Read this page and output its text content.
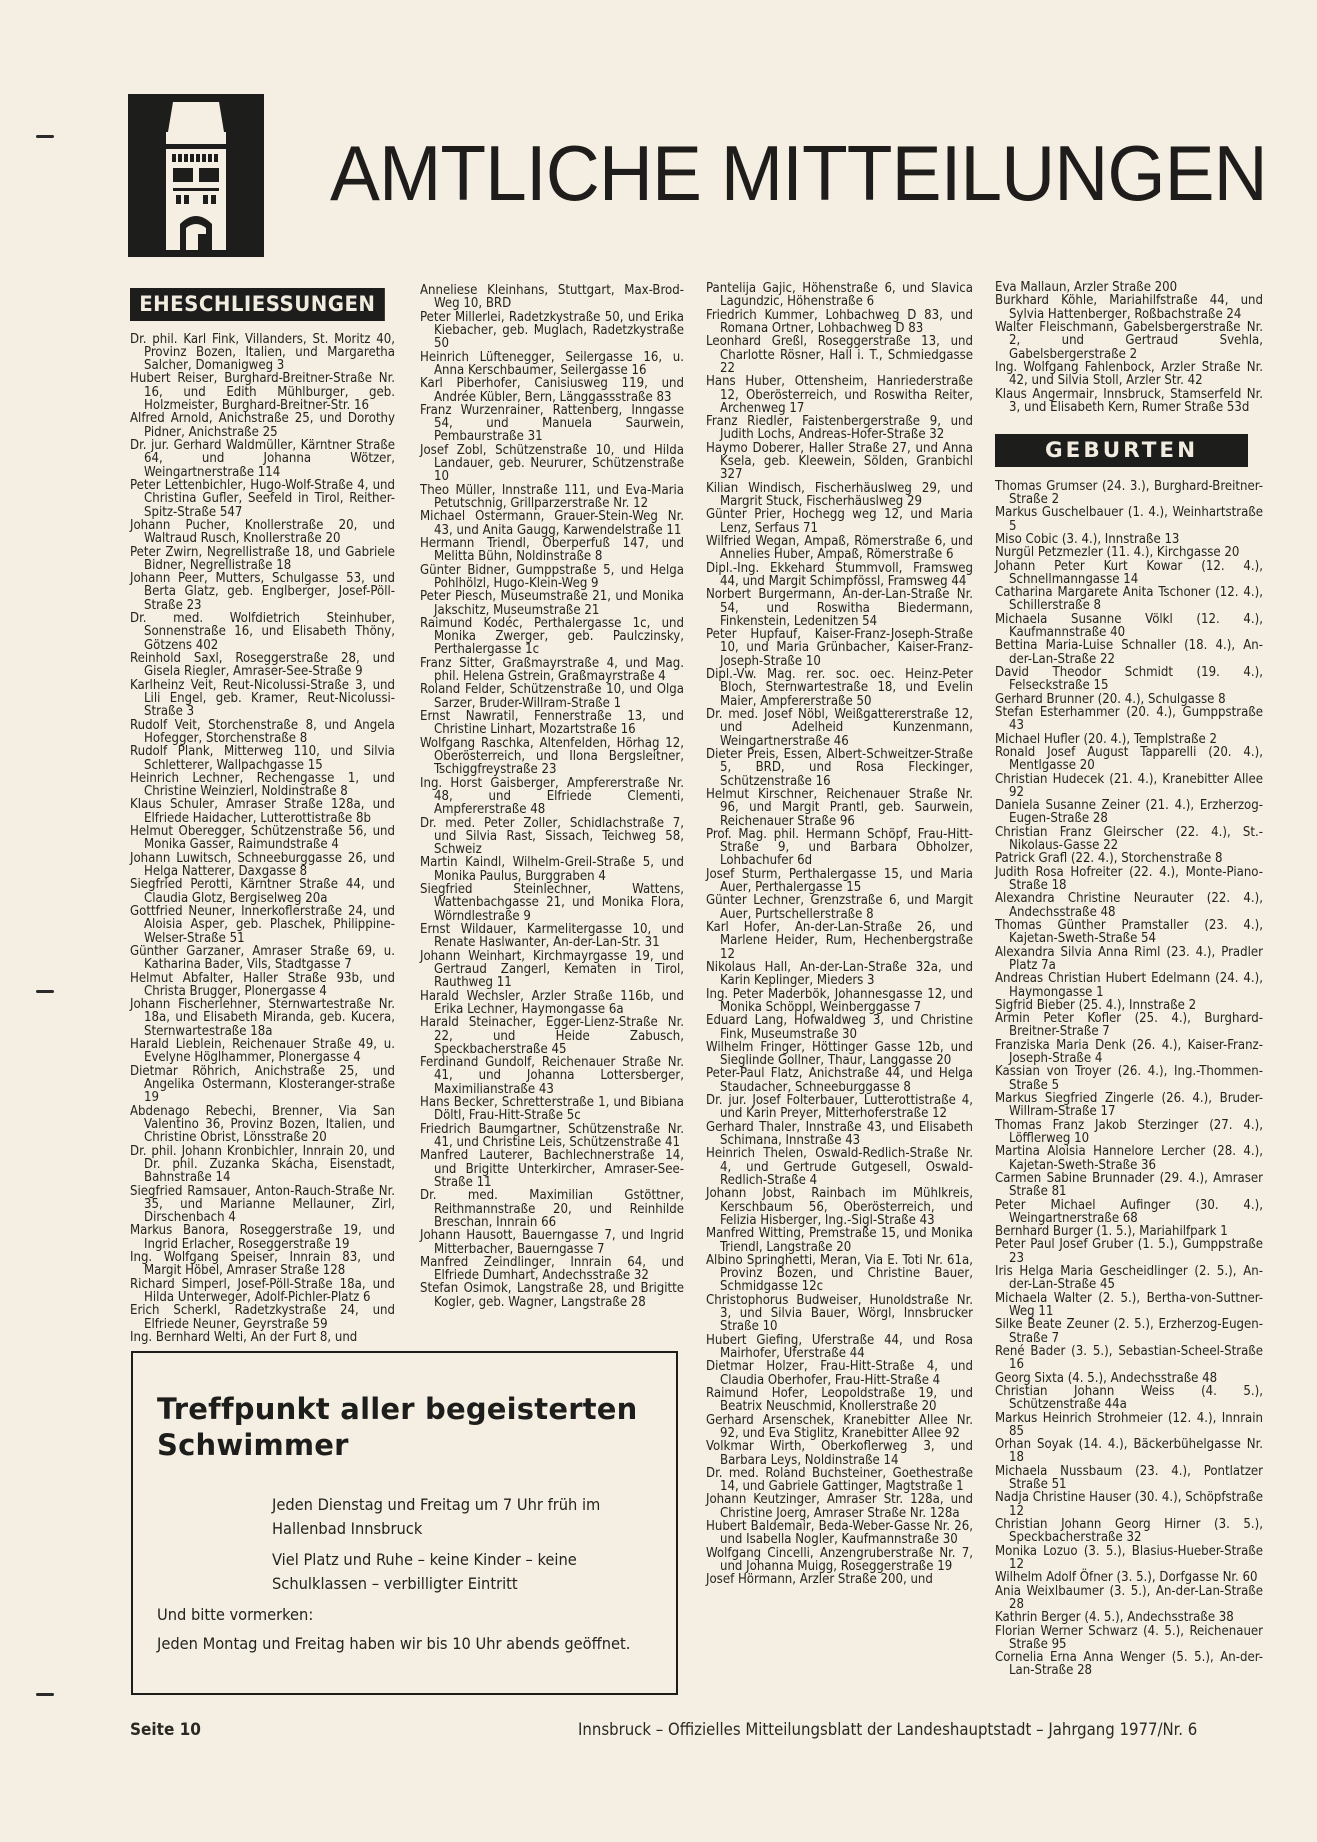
AMTLICHE MITTEILUNGEN
EHESCHLIESSUNGEN

Dr. phil. Karl Fink, Villanders, St. Moritz 40, Provinz Bozen, Italien, und Margaretha Salcher, Domanigweg 3

Hubert Reiser, Burghard-Breitner-Straße Nr. 16, und Edith Mühlburger, geb. Holzmeister, Burghard-Breitner-Str. 16

Alfred Arnold, Anichstraße 25, und Dorothy Pidner, Anichstraße 25

Dr. jur. Gerhard Waldmüller, Kärntner Straße 64, und Johanna Wötzer, Weingartnerstraße 114

Peter Lettenbichler, Hugo-Wolf-Straße 4, und Christina Gufler, Seefeld in Tirol, Reither-Spitz-Straße 547

Johann Pucher, Knollerstraße 20, und Waltraud Rusch, Knollerstraße 20

Peter Zwirn, Negrellistraße 18, und Gabriele Bidner, Negrellistraße 18

Johann Peer, Mutters, Schulgasse 53, und Berta Glatz, geb. Englberger, Josef-Pöll-Straße 23

Dr. med. Wolfdietrich Steinhuber, Sonnenstraße 16, und Elisabeth Thöny, Götzens 402

Reinhold Saxl, Roseggerstraße 28, und Gisela Riegler, Amraser-See-Straße 9

Karlheinz Veit, Reut-Nicolussi-Straße 3, und Lili Engel, geb. Kramer, Reut-Nicolussi-Straße 3

Rudolf Veit, Storchenstraße 8, und Angela Hofegger, Storchenstraße 8

Rudolf Plank, Mitterweg 110, und Silvia Schletterer, Wallpachgasse 15

Heinrich Lechner, Rechengasse 1, und Christine Weinzierl, Noldinstraße 8

Klaus Schuler, Amraser Straße 128a, und Elfriede Haidacher, Lutterottistraße 8b

Helmut Oberegger, Schützenstraße 56, und Monika Gasser, Raimundstraße 4

Johann Luwitsch, Schneeburggasse 26, und Helga Natterer, Daxgasse 8

Siegfried Perotti, Kärntner Straße 44, und Claudia Glotz, Bergiselweg 20a

Gottfried Neuner, Innerkoflerstraße 24, und Aloisia Asper, geb. Plaschek, Philippine-Welser-Straße 51

Günther Garzaner, Amraser Straße 69, u. Katharina Bader, Vils, Stadtgasse 7

Helmut Abfalter, Haller Straße 93b, und Christa Brugger, Plonergasse 4

Johann Fischerlehner, Sternwartestraße Nr. 18a, und Elisabeth Miranda, geb. Kucera, Sternwartestraße 18a

Harald Lieblein, Reichenauer Straße 49, u. Evelyne Höglhammer, Plonergasse 4

Dietmar Röhrich, Anichstraße 25, und Angelika Ostermann, Klosteranger-straße 19

Abdenago Rebechi, Brenner, Via San Valentino 36, Provinz Bozen, Italien, und Christine Obrist, Lönsstraße 20

Dr. phil. Johann Kronbichler, Innrain 20, und Dr. phil. Zuzanka Skácha, Eisenstadt, Bahnstraße 14

Siegfried Ramsauer, Anton-Rauch-Straße Nr. 35, und Marianne Mellauner, Zirl, Dirschenbach 4

Markus Banora, Roseggerstraße 19, und Ingrid Erlacher, Roseggerstraße 19

Ing. Wolfgang Speiser, Innrain 83, und Margit Höbel, Amraser Straße 128

Richard Simperl, Josef-Pöll-Straße 18a, und Hilda Unterweger, Adolf-Pichler-Platz 6

Erich Scherkl, Radetzkystraße 24, und Elfriede Neuner, Geyrstraße 59

Ing. Bernhard Welti, An der Furt 8, und

Anneliese Kleinhans, Stuttgart, Max-Brod-Weg 10, BRD

Peter Millerlei, Radetzkystraße 50, und Erika Kiebacher, geb. Muglach, Radetzkystraße 50

Heinrich Lüftenegger, Seilergasse 16, u. Anna Kerschbaumer, Seilergasse 16

Karl Piberhofer, Canisiusweg 119, und Andrée Kübler, Bern, Länggassstraße 83

Franz Wurzenrainer, Rattenberg, Inngasse 54, und Manuela Saurwein, Pembaurstraße 31

Josef Zobl, Schützenstraße 10, und Hilda Landauer, geb. Neururer, Schützenstraße 10

Theo Müller, Innstraße 111, und Eva-Maria Petutschnig, Grillparzerstraße Nr. 12

Michael Ostermann, Grauer-Stein-Weg Nr. 43, und Anita Gaugg, Karwendelstraße 11

Hermann Triendl, Oberperfuß 147, und Melitta Bühn, Noldinstraße 8

Günter Bidner, Gumppstraße 5, und Helga Pohlhölzl, Hugo-Klein-Weg 9

Peter Piesch, Museumstraße 21, und Monika Jakschitz, Museumstraße 21

Raimund Kodéc, Perthalergasse 1c, und Monika Zwerger, geb. Paulczinsky, Perthalergasse 1c

Franz Sitter, Graßmayrstraße 4, und Mag. phil. Helena Gstrein, Graßmayrstraße 4

Roland Felder, Schützenstraße 10, und Olga Sarzer, Bruder-Willram-Straße 1

Ernst Nawratil, Fennerstraße 13, und Christine Linhart, Mozartstraße 16

Wolfgang Raschka, Altenfelden, Hörhag 12, Oberösterreich, und Ilona Bergsleitner, Tschiggfreystraße 23

Ing. Horst Gaisberger, Ampfererstraße Nr. 48, und Elfriede Clementi, Ampfererstraße 48

Dr. med. Peter Zoller, Schidlachstraße 7, und Silvia Rast, Sissach, Teichweg 58, Schweiz

Martin Kaindl, Wilhelm-Greil-Straße 5, und Monika Paulus, Burggraben 4

Siegfried Steinlechner, Wattens, Wattenbachgasse 21, und Monika Flora, Wörndlestraße 9

Ernst Wildauer, Karmelitergasse 10, und Renate Haslwanter, An-der-Lan-Str. 31

Johann Weinhart, Kirchmayrgasse 19, und Gertraud Zangerl, Kematen in Tirol, Rauthweg 11

Harald Wechsler, Arzler Straße 116b, und Erika Lechner, Haymongasse 6a

Harald Steinacher, Egger-Lienz-Straße Nr. 22, und Heide Zabusch, Speckbacherstraße 45

Ferdinand Gundolf, Reichenauer Straße Nr. 41, und Johanna Lottersberger, Maximilianstraße 43

Hans Becker, Schretterstraße 1, und Bibiana Döltl, Frau-Hitt-Straße 5c

Friedrich Baumgartner, Schützenstraße Nr. 41, und Christine Leis, Schützenstraße 41

Manfred Lauterer, Bachlechnerstraße 14, und Brigitte Unterkircher, Amraser-See-Straße 11

Dr. med. Maximilian Gstöttner, Reithmannstraße 20, und Reinhilde Breschan, Innrain 66

Johann Hausott, Bauerngasse 7, und Ingrid Mitterbacher, Bauerngasse 7

Manfred Zeindlinger, Innrain 64, und Elfriede Dumhart, Andechsstraße 32

Stefan Osimok, Langstraße 28, und Brigitte Kogler, geb. Wagner, Langstraße 28

Pantelija Gajic, Höhenstraße 6, und Slavica Lagundzic, Höhenstraße 6

Friedrich Kummer, Lohbachweg D 83, und Romana Ortner, Lohbachweg D 83

Leonhard Greßl, Roseggerstraße 13, und Charlotte Rösner, Hall i. T., Schmiedgasse 22

Hans Huber, Ottensheim, Hanriederstraße 12, Oberösterreich, und Roswitha Reiter, Archenweg 17

Franz Riedler, Faistenbergerstraße 9, und Judith Lochs, Andreas-Hofer-Straße 32

Haymo Doberer, Haller Straße 27, und Anna Ksela, geb. Kleewein, Sölden, Granbichl 327

Kilian Windisch, Fischerhäuslweg 29, und Margrit Stuck, Fischerhäuslweg 29

Günter Prier, Hochegg weg 12, und Maria Lenz, Serfaus 71

Wilfried Wegan, Ampaß, Römerstraße 6, und Annelies Huber, Ampaß, Römerstraße 6

Dipl.-Ing. Ekkehard Stummvoll, Framsweg 44, und Margit Schimpfössl, Framsweg 44

Norbert Burgermann, An-der-Lan-Straße Nr. 54, und Roswitha Biedermann, Finkenstein, Ledenitzen 54

Peter Hupfauf, Kaiser-Franz-Joseph-Straße 10, und Maria Grünbacher, Kaiser-Franz-Joseph-Straße 10

Dipl.-Vw. Mag. rer. soc. oec. Heinz-Peter Bloch, Sternwartestraße 18, und Evelin Maier, Ampfererstraße 50

Dr. med. Josef Nöbl, Weißgattererstraße 12, und Adelheid Kunzenmann, Weingartnerstraße 46

Dieter Preis, Essen, Albert-Schweitzer-Straße 5, BRD, und Rosa Fleckinger, Schützenstraße 16

Helmut Kirschner, Reichenauer Straße Nr. 96, und Margit Prantl, geb. Saurwein, Reichenauer Straße 96

Prof. Mag. phil. Hermann Schöpf, Frau-Hitt-Straße 9, und Barbara Obholzer, Lohbachufer 6d

Josef Sturm, Perthalergasse 15, und Maria Auer, Perthalergasse 15

Günter Lechner, Grenzstraße 6, und Margit Auer, Purtschellerstraße 8

Karl Hofer, An-der-Lan-Straße 26, und Marlene Heider, Rum, Hechenbergstraße 12

Nikolaus Hall, An-der-Lan-Straße 32a, und Karin Keplinger, Mieders 3

Ing. Peter Maderbök, Johannesgasse 12, und Monika Schöppl, Weinberggasse 7

Eduard Lang, Hofwaldweg 3, und Christine Fink, Museumstraße 30

Wilhelm Fringer, Höttinger Gasse 12b, und Sieglinde Gollner, Thaur, Langgasse 20

Peter-Paul Flatz, Anichstraße 44, und Helga Staudacher, Schneeburggasse 8

Dr. jur. Josef Folterbauer, Lutterottistraße 4, und Karin Preyer, Mitterhoferstraße 12

Gerhard Thaler, Innstraße 43, und Elisabeth Schimana, Innstraße 43

Heinrich Thelen, Oswald-Redlich-Straße Nr. 4, und Gertrude Gutgesell, Oswald-Redlich-Straße 4

Johann Jobst, Rainbach im Mühlkreis, Kerschbaum 56, Oberösterreich, und Felizia Hisberger, Ing.-Sigl-Straße 43

Manfred Witting, Premstraße 15, und Monika Triendl, Langstraße 20

Albino Springhetti, Meran, Via E. Toti Nr. 61a, Provinz Bozen, und Christine Bauer, Schmidgasse 12c

Christophorus Budweiser, Hunoldstraße Nr. 3, und Silvia Bauer, Wörgl, Innsbrucker Straße 10

Hubert Giefing, Uferstraße 44, und Rosa Mairhofer, Uferstraße 44

Dietmar Holzer, Frau-Hitt-Straße 4, und Claudia Oberhofer, Frau-Hitt-Straße 4

Raimund Hofer, Leopoldstraße 19, und Beatrix Neuschmid, Knollerstraße 20

Gerhard Arsenschek, Kranebitter Allee Nr. 92, und Eva Stiglitz, Kranebitter Allee 92

Volkmar Wirth, Oberkoflerweg 3, und Barbara Leys, Noldinstraße 14

Dr. med. Roland Buchsteiner, Goethestraße 14, und Gabriele Gattinger, Magtstraße 1

Johann Keutzinger, Amraser Str. 128a, und Christine Joerg, Amraser Straße Nr. 128a

Hubert Baldemair, Beda-Weber-Gasse Nr. 26, und Isabella Nogler, Kaufmannstraße 30

Wolfgang Cincelli, Anzengruberstraße Nr. 7, und Johanna Muigg, Roseggerstraße 19

Josef Hörmann, Arzler Straße 200, und

Eva Mallaun, Arzler Straße 200

Burkhard Köhle, Mariahilfstraße 44, und Sylvia Hattenberger, Roßbachstraße 24

Walter Fleischmann, Gabelsbergerstraße Nr. 2, und Gertraud Svehla, Gabelsbergerstraße 2

Ing. Wolfgang Fahlenbock, Arzler Straße Nr. 42, und Silvia Stoll, Arzler Str. 42

Klaus Angermair, Innsbruck, Stamserfeld Nr. 3, und Elisabeth Kern, Rumer Straße 53d

GEBURTEN

Thomas Grumser (24. 3.), Burghard-Breitner-Straße 2

Markus Guschelbauer (1. 4.), Weinhartstraße 5

Miso Cobic (3. 4.), Innstraße 13

Nurgül Petzmezler (11. 4.), Kirchgasse 20

Johann Peter Kurt Kowar (12. 4.), Schnellmanngasse 14

Catharina Margarete Anita Tschoner (12. 4.), Schillerstraße 8

Michaela Susanne Völkl (12. 4.), Kaufmannstraße 40

Bettina Maria-Luise Schnaller (18. 4.), An-der-Lan-Straße 22

David Theodor Schmidt (19. 4.), Felseckstraße 15

Gerhard Brunner (20. 4.), Schulgasse 8

Stefan Esterhammer (20. 4.), Gumppstraße 43

Michael Hufler (20. 4.), Templstraße 2

Ronald Josef August Tapparelli (20. 4.), Mentlgasse 20

Christian Hudecek (21. 4.), Kranebitter Allee 92

Daniela Susanne Zeiner (21. 4.), Erzherzog-Eugen-Straße 28

Christian Franz Gleirscher (22. 4.), St.-Nikolaus-Gasse 22

Patrick Grafl (22. 4.), Storchenstraße 8

Judith Rosa Hofreiter (22. 4.), Monte-Piano-Straße 18

Alexandra Christine Neurauter (22. 4.), Andechsstraße 48

Thomas Günther Pramstaller (23. 4.), Kajetan-Sweth-Straße 54

Alexandra Silvia Anna Riml (23. 4.), Pradler Platz 7a

Andreas Christian Hubert Edelmann (24. 4.), Haymongasse 1

Sigfrid Bieber (25. 4.), Innstraße 2

Armin Peter Kofler (25. 4.), Burghard-Breitner-Straße 7

Franziska Maria Denk (26. 4.), Kaiser-Franz-Joseph-Straße 4

Kassian von Troyer (26. 4.), Ing.-Thommen-Straße 5

Markus Siegfried Zingerle (26. 4.), Bruder-Willram-Straße 17

Thomas Franz Jakob Sterzinger (27. 4.), Löfflerweg 10

Martina Aloisia Hannelore Lercher (28. 4.), Kajetan-Sweth-Straße 36

Carmen Sabine Brunnader (29. 4.), Amraser Straße 81

Peter Michael Aufinger (30. 4.), Weingartnerstraße 68

Bernhard Burger (1. 5.), Mariahilfpark 1

Peter Paul Josef Gruber (1. 5.), Gumppstraße 23

Iris Helga Maria Gescheidlinger (2. 5.), An-der-Lan-Straße 45

Michaela Walter (2. 5.), Bertha-von-Suttner-Weg 11

Silke Beate Zeuner (2. 5.), Erzherzog-Eugen-Straße 7

René Bader (3. 5.), Sebastian-Scheel-Straße 16

Georg Sixta (4. 5.), Andechsstraße 48

Christian Johann Weiss (4. 5.), Schützenstraße 44a

Markus Heinrich Strohmeier (12. 4.), Innrain 85

Orhan Soyak (14. 4.), Bäckerbühelgasse Nr. 18

Michaela Nussbaum (23. 4.), Pontlatzer Straße 51

Nadja Christine Hauser (30. 4.), Schöpfstraße 12

Christian Johann Georg Hirner (3. 5.), Speckbacherstraße 32

Monika Lozuo (3. 5.), Blasius-Hueber-Straße 12

Wilhelm Adolf Öfner (3. 5.), Dorfgasse Nr. 60

Ania Weixlbaumer (3. 5.), An-der-Lan-Straße 28

Kathrin Berger (4. 5.), Andechsstraße 38

Florian Werner Schwarz (4. 5.), Reichenauer Straße 95

Cornelia Erna Anna Wenger (5. 5.), An-der-Lan-Straße 28

Treffpunkt aller begeisterten Schwimmer

Jeden Dienstag und Freitag um 7 Uhr früh im Hallenbad Innsbruck

Viel Platz und Ruhe – keine Kinder – keine Schulklassen – verbilligter Eintritt

Und bitte vormerken:

Jeden Montag und Freitag haben wir bis 10 Uhr abends geöffnet.

Seite 10	Innsbruck – Offizielles Mitteilungsblatt der Landeshauptstadt – Jahrgang 1977/Nr. 6
